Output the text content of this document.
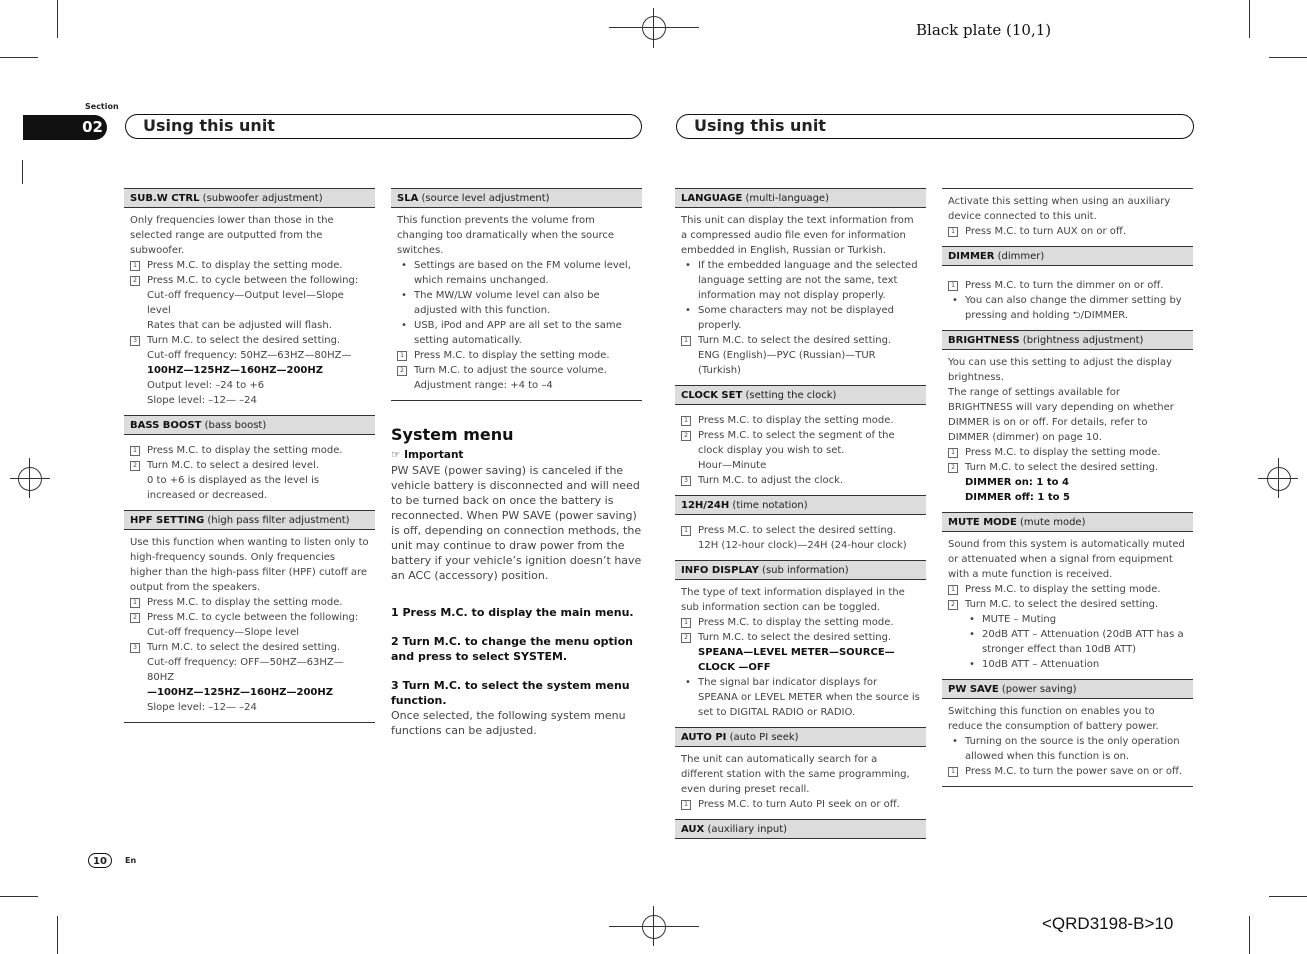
Black plate (10,1)
<QRD3198-B>10
Section
02	Using this unit	Using this unit
SUB.W CTRL (subwoofer adjustment)

Only frequencies lower than those in the selected range are outputted from the subwoofer.

1	Press M.C. to display the setting mode.
2	Press M.C. to cycle between the following:
Cut-off frequency—Output level—Slope level
Rates that can be adjusted will flash.
3	Turn M.C. to select the desired setting.
Cut-off frequency: 50HZ—63HZ—80HZ—
100HZ—125HZ—160HZ—200HZ
Output level: –24 to +6
Slope level: –12— –24
BASS BOOST (bass boost)
1	Press M.C. to display the setting mode.
2	Turn M.C. to select a desired level.
0 to +6 is displayed as the level is increased or decreased.
HPF SETTING (high pass filter adjustment)

Use this function when wanting to listen only to high-frequency sounds. Only frequencies higher than the high-pass filter (HPF) cutoff are output from the speakers.

1	Press M.C. to display the setting mode.
2	Press M.C. to cycle between the following:
Cut-off frequency—Slope level
3	Turn M.C. to select the desired setting.
Cut-off frequency: OFF—50HZ—63HZ—80HZ
—100HZ—125HZ—160HZ—200HZ
Slope level: –12— –24
SLA (source level adjustment)

This function prevents the volume from changing too dramatically when the source switches.

• Settings are based on the FM volume level, which remains unchanged.
• The MW/LW volume level can also be adjusted with this function.
• USB, iPod and APP are all set to the same setting automatically.
1	Press M.C. to display the setting mode.
2	Turn M.C. to adjust the source volume.
Adjustment range: +4 to –4
System menu
☞ Important

PW SAVE (power saving) is canceled if the vehicle battery is disconnected and will need to be turned back on once the battery is reconnected. When PW SAVE (power saving) is off, depending on connection methods, the unit may continue to draw power from the battery if your vehicle’s ignition doesn’t have an ACC (accessory) position.

1 Press M.C. to display the main menu.
2 Turn M.C. to change the menu option and press to select SYSTEM.
3 Turn M.C. to select the system menu function.

Once selected, the following system menu functions can be adjusted.

LANGUAGE (multi-language)

This unit can display the text information from a compressed audio file even for information embedded in English, Russian or Turkish.

• If the embedded language and the selected language setting are not the same, text information may not display properly.
• Some characters may not be displayed properly.
1	Turn M.C. to select the desired setting.
ENG (English)—РУС (Russian)—TUR (Turkish)
CLOCK SET (setting the clock)
1	Press M.C. to display the setting mode.
2	Press M.C. to select the segment of the clock display you wish to set.
Hour—Minute
3	Turn M.C. to adjust the clock.
12H/24H (time notation)
1	Press M.C. to select the desired setting.
12H (12-hour clock)—24H (24-hour clock)
INFO DISPLAY (sub information)

The type of text information displayed in the sub information section can be toggled.

1	Press M.C. to display the setting mode.
2	Turn M.C. to select the desired setting.
SPEANA—LEVEL METER—SOURCE—CLOCK —OFF
• The signal bar indicator displays for SPEANA or LEVEL METER when the source is set to DIGITAL RADIO or RADIO.
AUTO PI (auto PI seek)

The unit can automatically search for a different station with the same programming, even during preset recall.

1	Press M.C. to turn Auto PI seek on or off.
AUX (auxiliary input)

Activate this setting when using an auxiliary device connected to this unit.

1	Press M.C. to turn AUX on or off.
DIMMER (dimmer)
1	Press M.C. to turn the dimmer on or off.
• You can also change the dimmer setting by pressing and holding ⮌/DIMMER.
BRIGHTNESS (brightness adjustment)

You can use this setting to adjust the display brightness.

The range of settings available for BRIGHTNESS will vary depending on whether DIMMER is on or off. For details, refer to DIMMER (dimmer) on page 10.

1	Press M.C. to display the setting mode.
2	Turn M.C. to select the desired setting.
DIMMER on: 1 to 4
DIMMER off: 1 to 5
MUTE MODE (mute mode)

Sound from this system is automatically muted or attenuated when a signal from equipment with a mute function is received.

1	Press M.C. to display the setting mode.
2	Turn M.C. to select the desired setting.
• MUTE – Muting
• 20dB ATT – Attenuation (20dB ATT has a stronger effect than 10dB ATT)
• 10dB ATT – Attenuation
PW SAVE (power saving)

Switching this function on enables you to reduce the consumption of battery power.

• Turning on the source is the only operation allowed when this function is on.
1	Press M.C. to turn the power save on or off.
10	En
